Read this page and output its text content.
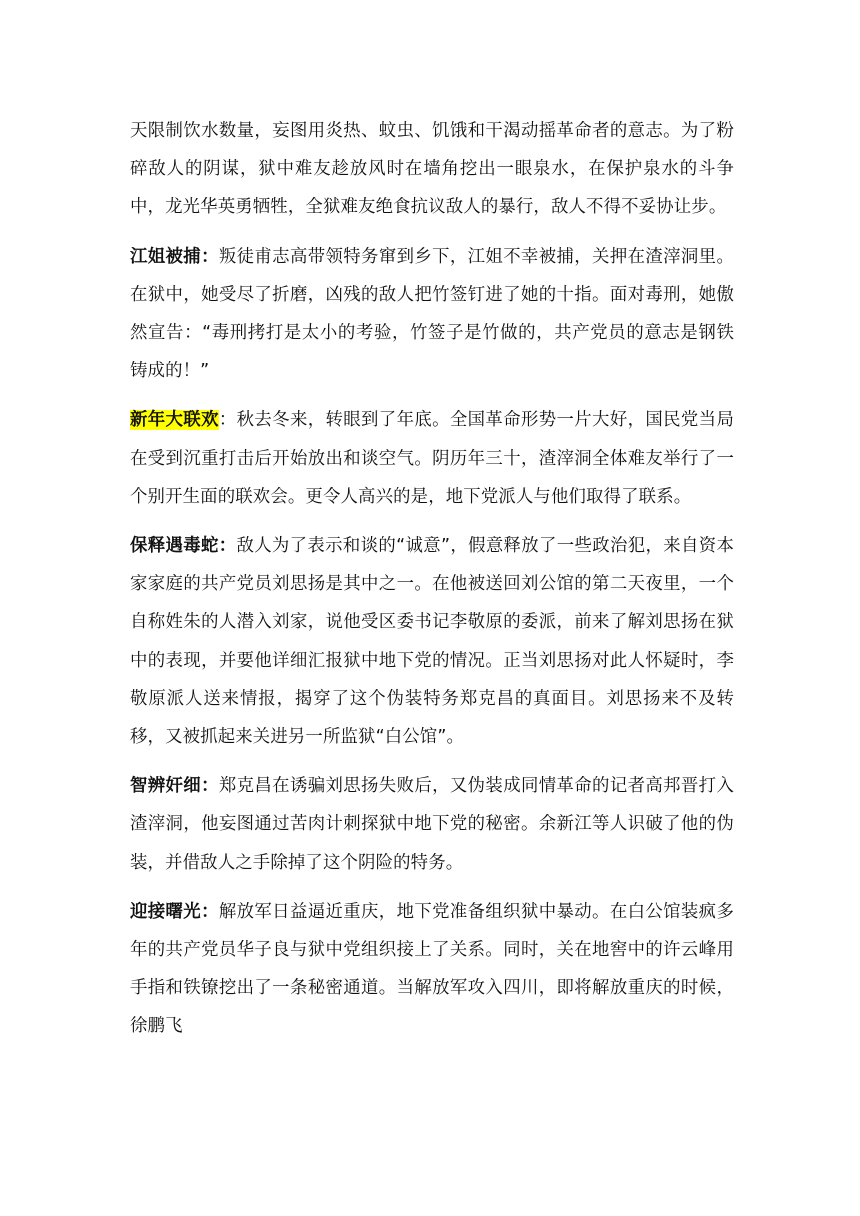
天限制饮水数量，妄图用炎热、蚊虫、饥饿和干渴动摇革命者的意志。为了粉碎敌人的阴谋，狱中难友趁放风时在墙角挖出一眼泉水，在保护泉水的斗争中，龙光华英勇牺牲，全狱难友绝食抗议敌人的暴行，敌人不得不妥协让步。

江姐被捕：叛徒甫志高带领特务窜到乡下，江姐不幸被捕，关押在渣滓洞里。在狱中，她受尽了折磨，凶残的敌人把竹签钉进了她的十指。面对毒刑，她傲然宣告：“毒刑拷打是太小的考验，竹签子是竹做的，共产党员的意志是钢铁铸成的！”

新年大联欢：秋去冬来，转眼到了年底。全国革命形势一片大好，国民党当局在受到沉重打击后开始放出和谈空气。阴历年三十，渣滓洞全体难友举行了一个别开生面的联欢会。更令人高兴的是，地下党派人与他们取得了联系。

保释遇毒蛇：敌人为了表示和谈的“诚意”，假意释放了一些政治犯，来自资本家家庭的共产党员刘思扬是其中之一。在他被送回刘公馆的第二天夜里，一个自称姓朱的人潜入刘家，说他受区委书记李敬原的委派，前来了解刘思扬在狱中的表现，并要他详细汇报狱中地下党的情况。正当刘思扬对此人怀疑时，李敬原派人送来情报，揭穿了这个伪装特务郑克昌的真面目。刘思扬来不及转移，又被抓起来关进另一所监狱“白公馆”。

智辨奸细：郑克昌在诱骗刘思扬失败后，又伪装成同情革命的记者高邦晋打入渣滓洞，他妄图通过苦肉计刺探狱中地下党的秘密。余新江等人识破了他的伪装，并借敌人之手除掉了这个阴险的特务。

迎接曙光：解放军日益逼近重庆，地下党准备组织狱中暴动。在白公馆装疯多年的共产党员华子良与狱中党组织接上了关系。同时，关在地窖中的许云峰用手指和铁镣挖出了一条秘密通道。当解放军攻入四川，即将解放重庆的时候，徐鹏飞
